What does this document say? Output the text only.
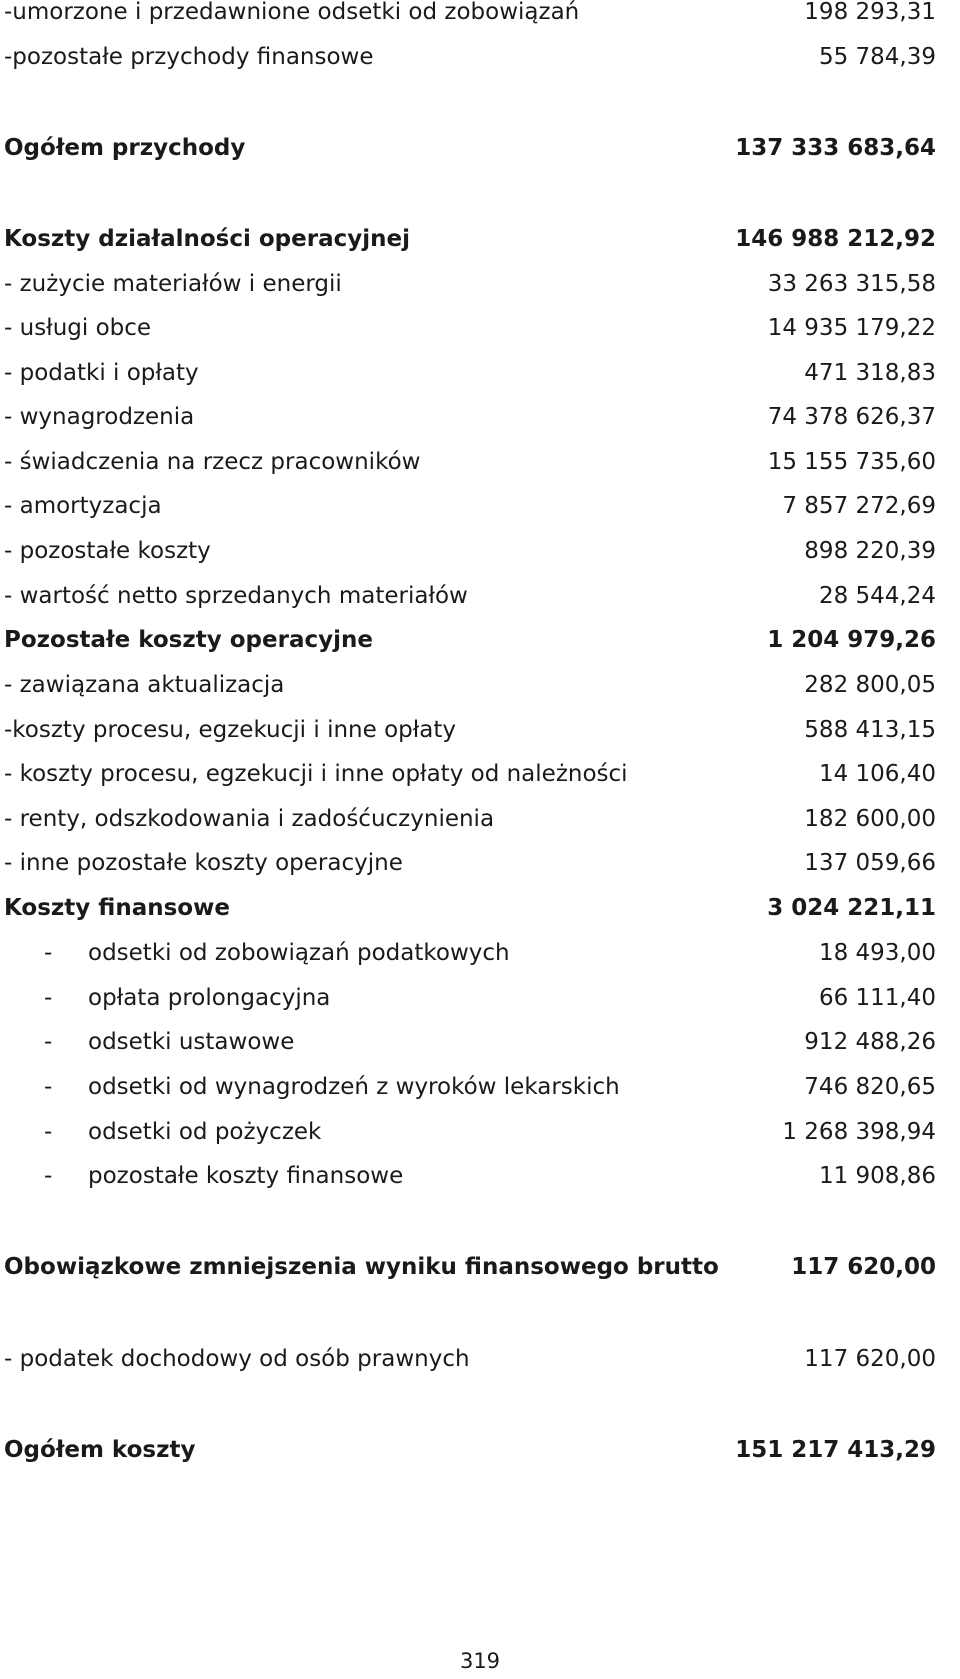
-umorzone i przedawnione odsetki od zobowiązań	198 293,31
-pozostałe przychody finansowe	55 784,39
Ogółem przychody	137 333 683,64
Koszty działalności operacyjnej	146 988 212,92
- zużycie materiałów i energii	33 263 315,58
- usługi obce	14 935 179,22
- podatki i opłaty	471 318,83
- wynagrodzenia	74 378 626,37
- świadczenia na rzecz pracowników	15 155 735,60
- amortyzacja	7 857 272,69
- pozostałe koszty	898 220,39
- wartość netto sprzedanych materiałów	28 544,24
Pozostałe koszty operacyjne	1 204 979,26
- zawiązana aktualizacja	282 800,05
-koszty procesu, egzekucji i inne opłaty	588 413,15
- koszty procesu, egzekucji i inne opłaty od należności	14 106,40
- renty, odszkodowania i zadośćuczynienia	182 600,00
- inne pozostałe koszty operacyjne	137 059,66
Koszty finansowe	3 024 221,11
- odsetki od zobowiązań podatkowych	18 493,00
- opłata prolongacyjna	66 111,40
- odsetki ustawowe	912 488,26
- odsetki od wynagrodzeń z wyroków lekarskich	746 820,65
- odsetki od pożyczek	1 268 398,94
- pozostałe koszty finansowe	11 908,86
Obowiązkowe zmniejszenia wyniku finansowego brutto	117 620,00
- podatek dochodowy od osób prawnych	117 620,00
Ogółem koszty	151 217 413,29
319
